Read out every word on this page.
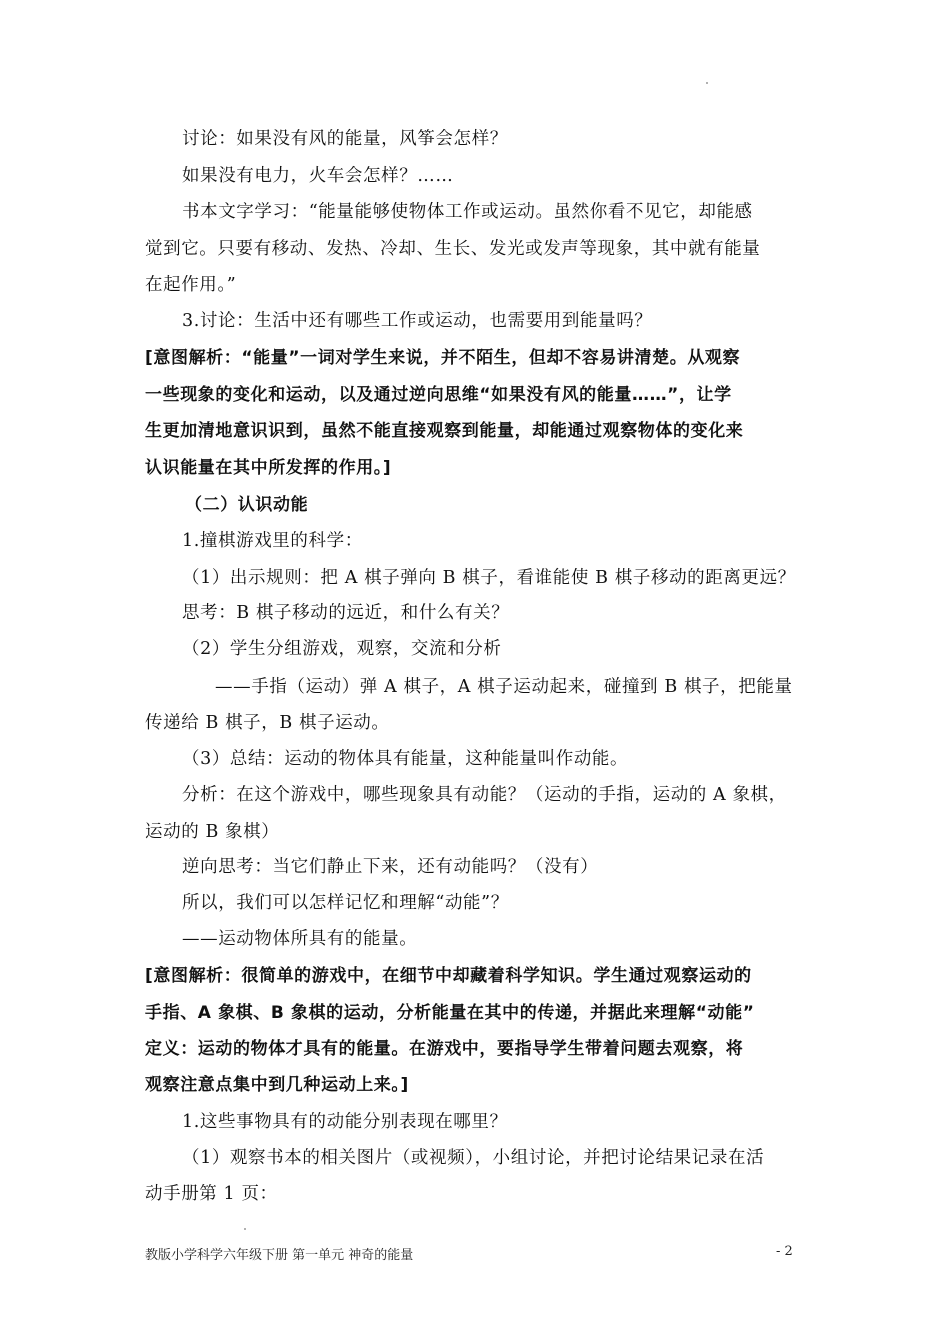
讨论：如果没有风的能量，风筝会怎样？
如果没有电力，火车会怎样？……
书本文字学习：“能量能够使物体工作或运动。虽然你看不见它，却能感
觉到它。只要有移动、发热、冷却、生长、发光或发声等现象，其中就有能量
在起作用。”
3.讨论：生活中还有哪些工作或运动，也需要用到能量吗？
[意图解析：“能量”一词对学生来说，并不陌生，但却不容易讲清楚。从观察
一些现象的变化和运动，以及通过逆向思维“如果没有风的能量……”，让学
生更加清地意识识到，虽然不能直接观察到能量，却能通过观察物体的变化来
认识能量在其中所发挥的作用。]
（二）认识动能
1.撞棋游戏里的科学：
（1）出示规则：把 A 棋子弹向 B 棋子，看谁能使 B 棋子移动的距离更远？
思考：B 棋子移动的远近，和什么有关？
（2）学生分组游戏，观察，交流和分析
——手指（运动）弹 A 棋子，A 棋子运动起来，碰撞到 B 棋子，把能量
传递给 B 棋子，B 棋子运动。
（3）总结：运动的物体具有能量，这种能量叫作动能。
分析：在这个游戏中，哪些现象具有动能？（运动的手指，运动的 A 象棋，
运动的 B 象棋）
逆向思考：当它们静止下来，还有动能吗？（没有）
所以，我们可以怎样记忆和理解“动能”？
——运动物体所具有的能量。
[意图解析：很简单的游戏中，在细节中却藏着科学知识。学生通过观察运动的
手指、A 象棋、B 象棋的运动，分析能量在其中的传递，并据此来理解“动能”
定义：运动的物体才具有的能量。在游戏中，要指导学生带着问题去观察，将
观察注意点集中到几种运动上来。]
1.这些事物具有的动能分别表现在哪里？
（1）观察书本的相关图片（或视频），小组讨论，并把讨论结果记录在活
动手册第 1 页：
教版小学科学六年级下册 第一单元 神奇的能量	- 2
